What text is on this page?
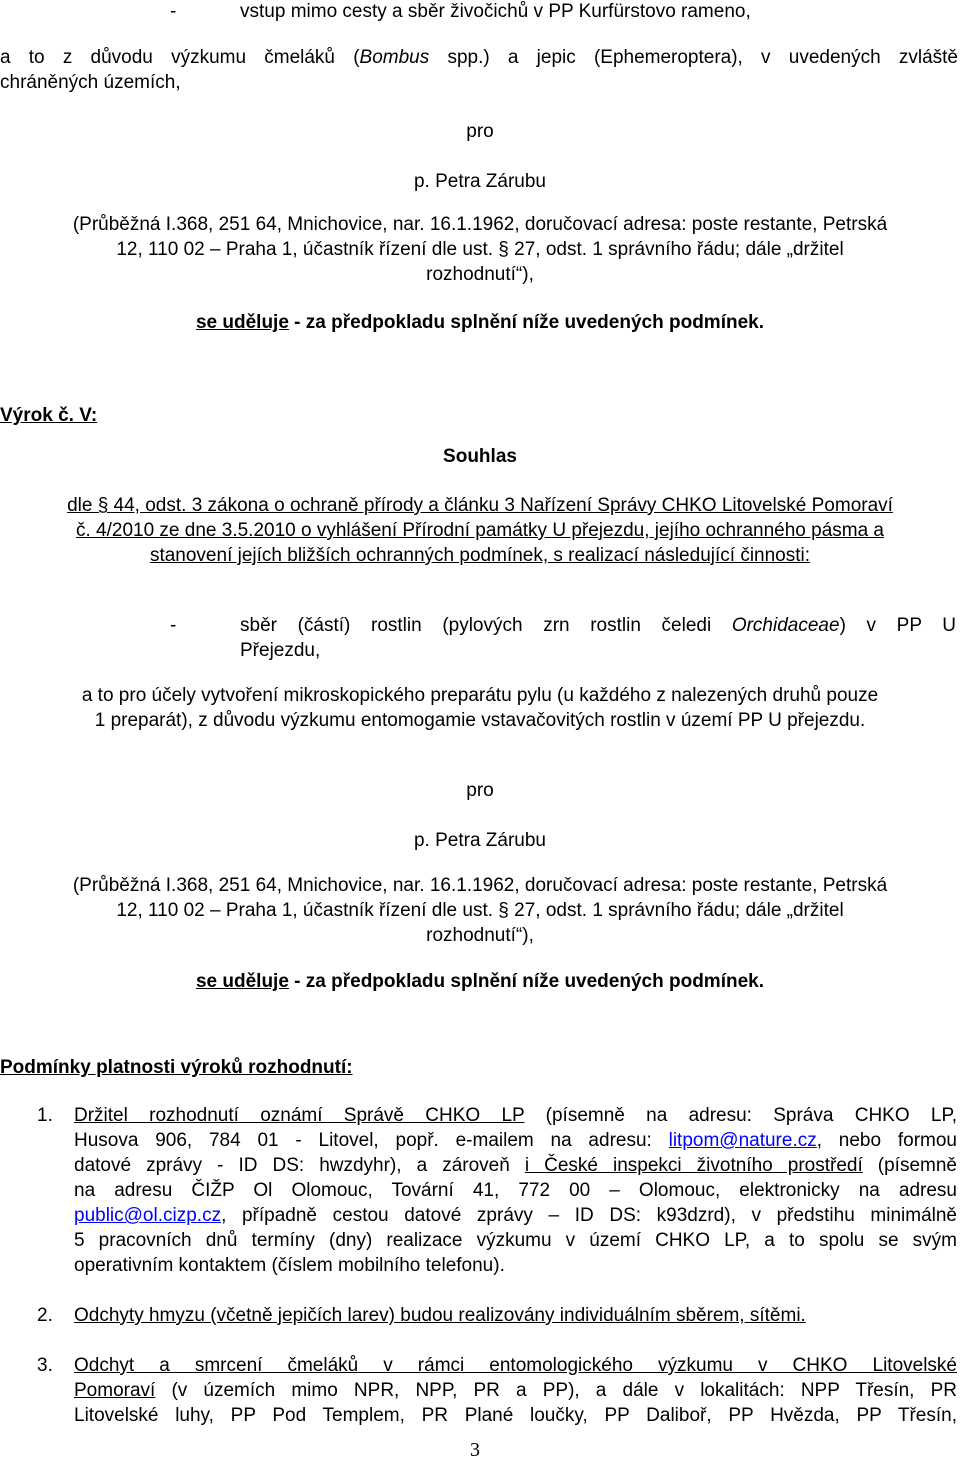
-	vstup mimo cesty a sběr živočichů v PP Kurfürstovo rameno,
a to z důvodu výzkumu čmeláků (Bombus spp.) a jepic (Ephemeroptera), v uvedených zvláště
chráněných územích,
pro
p. Petra Zárubu
(Průběžná I.368, 251 64, Mnichovice, nar. 16.1.1962, doručovací adresa: poste restante, Petrská
12, 110 02 – Praha 1, účastník řízení dle ust. § 27, odst. 1 správního řádu; dále „držitel
rozhodnutí“),
se uděluje - za předpokladu splnění níže uvedených podmínek.
Výrok č. V:
Souhlas
dle § 44, odst. 3 zákona o ochraně přírody a článku 3 Nařízení Správy CHKO Litovelské Pomoraví
č. 4/2010 ze dne 3.5.2010 o vyhlášení Přírodní památky U přejezdu, jejího ochranného pásma a
stanovení jejích bližších ochranných podmínek, s realizací následující činnosti:
-	sběr (částí) rostlin (pylových zrn rostlin čeledi Orchidaceae) v PP U
Přejezdu,
a to pro účely vytvoření mikroskopického preparátu pylu (u každého z nalezených druhů pouze
1 preparát), z důvodu výzkumu entomogamie vstavačovitých rostlin v území PP U přejezdu.
pro
p. Petra Zárubu
(Průběžná I.368, 251 64, Mnichovice, nar. 16.1.1962, doručovací adresa: poste restante, Petrská
12, 110 02 – Praha 1, účastník řízení dle ust. § 27, odst. 1 správního řádu; dále „držitel
rozhodnutí“),
se uděluje - za předpokladu splnění níže uvedených podmínek.
Podmínky platnosti výroků rozhodnutí:
1. Držitel rozhodnutí oznámí Správě CHKO LP (písemně na adresu: Správa CHKO LP,
Husova 906, 784 01 - Litovel, popř. e-mailem na adresu: litpom@nature.cz, nebo formou
datové zprávy - ID DS: hwzdyhr), a zároveň i České inspekci životního prostředí (písemně
na adresu ČIŽP Ol Olomouc, Tovární 41, 772 00 – Olomouc, elektronicky na adresu
public@ol.cizp.cz, případně cestou datové zprávy – ID DS: k93dzrd), v předstihu minimálně
5 pracovních dnů termíny (dny) realizace výzkumu v území CHKO LP, a to spolu se svým
operativním kontaktem (číslem mobilního telefonu).
2. Odchyty hmyzu (včetně jepičích larev) budou realizovány individuálním sběrem, sítěmi.
3. Odchyt a smrcení čmeláků v rámci entomologického výzkumu v CHKO Litovelské
Pomoraví (v územích mimo NPR, NPP, PR a PP), a dále v lokalitách: NPP Třesín, PR
Litovelské luhy, PP Pod Templem, PR Plané loučky, PP Daliboř, PP Hvězda, PP Třesín,
3
